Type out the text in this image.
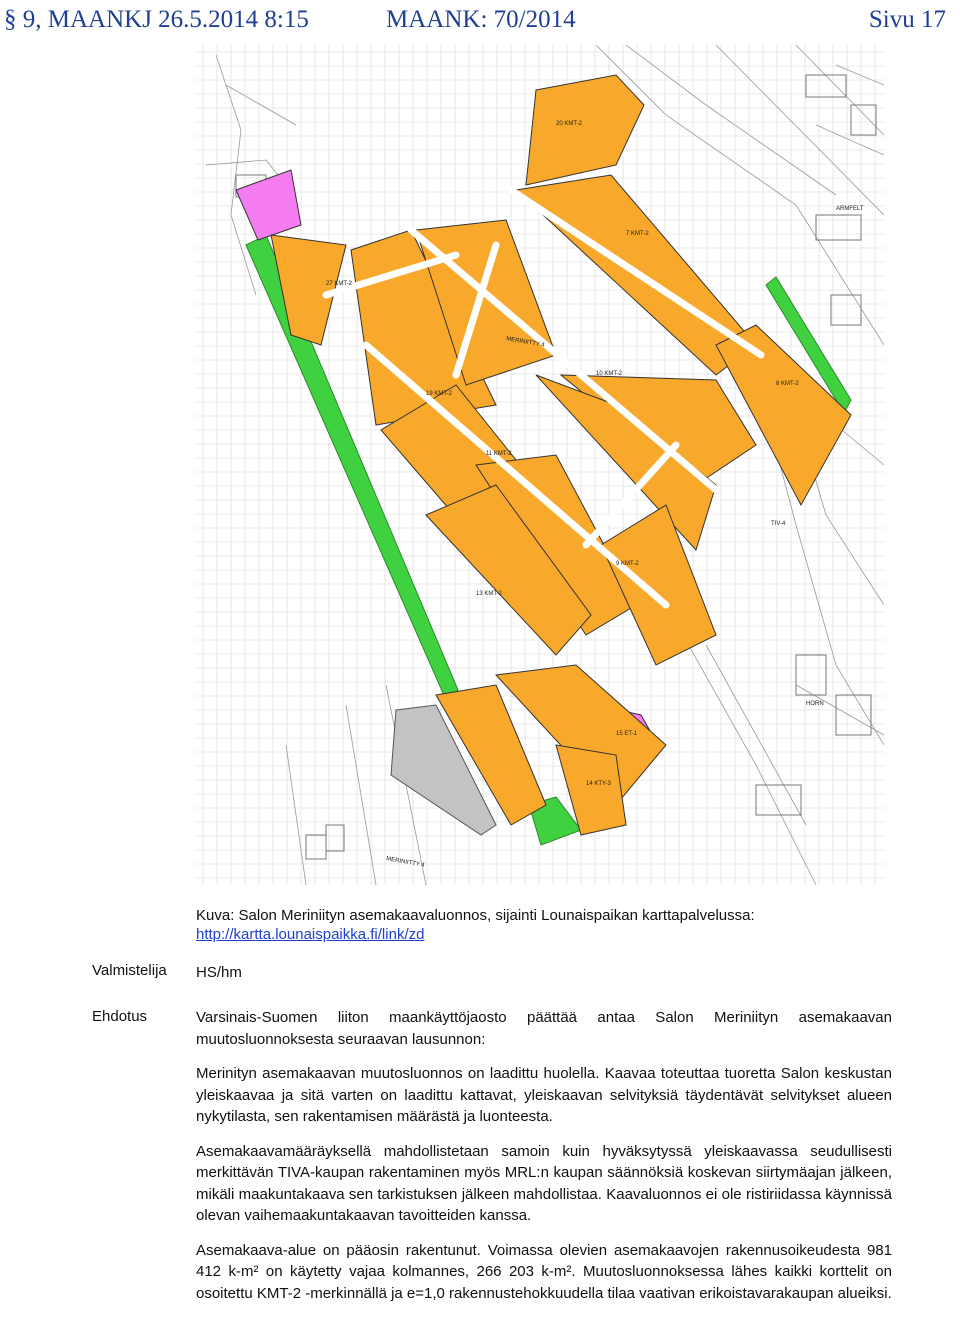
§ 9, MAANKJ 26.5.2014 8:15	MAANK: 70/2014	Sivu 17
20 KMT-2
27 KMT-2
7 KMT-2
19 KMT-2
8 KMT-2
11 KMT-2
9 KMT-2
10 KMT-2
13 KMT-2
14 KTY-3
15 ET-1
TIV-4
MERINIITTY 4
MERINIITTY 4
ARMFELT
HORN
Kuva: Salon Meriniityn asemakaavaluonnos, sijainti Lounaispaikan karttapalvelussa:
http://kartta.lounaispaikka.fi/link/zd
Valmistelija HS/hm
Ehdotus	Varsinais-Suomen liiton maankäyttöjaosto päättää antaa Salon Meriniityn asemakaavan muutosluonnoksesta seuraavan lausunnon:

Merinityn asemakaavan muutosluonnos on laadittu huolella. Kaavaa toteuttaa tuoretta Salon keskustan yleiskaavaa ja sitä varten on laadittu kattavat, yleiskaavan selvityksiä täydentävät selvitykset alueen nykytilasta, sen rakentamisen määrästä ja luonteesta.

Asemakaavamääräyksellä mahdollistetaan samoin kuin hyväksytyssä yleiskaavassa seudullisesti merkittävän TIVA-kaupan rakentaminen myös MRL:n kaupan säännöksiä koskevan siirtymäajan jälkeen, mikäli maakuntakaava sen tarkistuksen jälkeen mahdollistaa. Kaavaluonnos ei ole ristiriidassa käynnissä olevan vaihemaakuntakaavan tavoitteiden kanssa.

Asemakaava-alue on pääosin rakentunut. Voimassa olevien asemakaavojen rakennusoikeudesta 981 412 k-m² on käytetty vajaa kolmannes, 266 203 k-m². Muutosluonnoksessa lähes kaikki korttelit on osoitettu KMT-2 -merkinnällä ja e=1,0 rakennustehokkuudella tilaa vaativan erikoistavarakaupan alueiksi.
